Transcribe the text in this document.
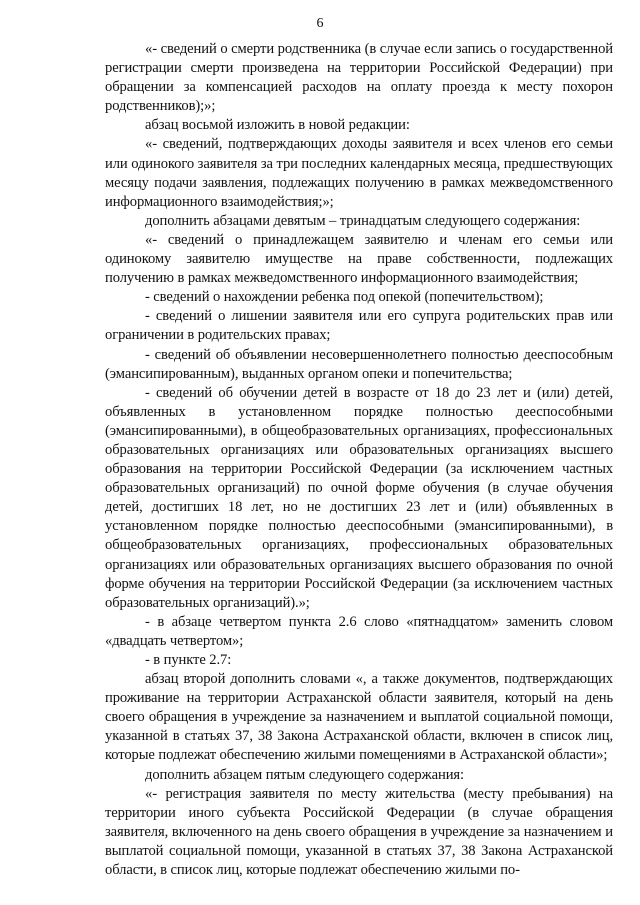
6

«- сведений о смерти родственника (в случае если запись о государственной регистрации смерти произведена на территории Российской Федерации) при обращении за компенсацией расходов на оплату проезда к месту похорон родственников);»;

абзац восьмой изложить в новой редакции:

«- сведений, подтверждающих доходы заявителя и всех членов его семьи или одинокого заявителя за три последних календарных месяца, предшествующих месяцу подачи заявления, подлежащих получению в рамках межведомственного информационного взаимодействия;»;

дополнить абзацами девятым – тринадцатым следующего содержания:

«- сведений о принадлежащем заявителю и членам его семьи или одинокому заявителю имуществе на праве собственности, подлежащих получению в рамках межведомственного информационного взаимодействия;

- сведений о нахождении ребенка под опекой (попечительством);

- сведений о лишении заявителя или его супруга родительских прав или ограничении в родительских правах;

- сведений об объявлении несовершеннолетнего полностью дееспособным (эмансипированным), выданных органом опеки и попечительства;

- сведений об обучении детей в возрасте от 18 до 23 лет и (или) детей, объявленных в установленном порядке полностью дееспособными (эмансипированными), в общеобразовательных организациях, профессиональных образовательных организациях или образовательных организациях высшего образования на территории Российской Федерации (за исключением частных образовательных организаций) по очной форме обучения (в случае обучения детей, достигших 18 лет, но не достигших 23 лет и (или) объявленных в установленном порядке полностью дееспособными (эмансипированными), в общеобразовательных организациях, профессиональных образовательных организациях или образовательных организациях высшего образования по очной форме обучения на территории Российской Федерации (за исключением частных образовательных организаций).»;

- в абзаце четвертом пункта 2.6 слово «пятнадцатом» заменить словом «двадцать четвертом»;

- в пункте 2.7:

абзац второй дополнить словами «, а также документов, подтверждающих проживание на территории Астраханской области заявителя, который на день своего обращения в учреждение за назначением и выплатой социальной помощи, указанной в статьях 37, 38 Закона Астраханской области, включен в список лиц, которые подлежат обеспечению жилыми помещениями в Астраханской области»;

дополнить абзацем пятым следующего содержания:

«- регистрация заявителя по месту жительства (месту пребывания) на территории иного субъекта Российской Федерации (в случае обращения заявителя, включенного на день своего обращения в учреждение за назначением и выплатой социальной помощи, указанной в статьях 37, 38 Закона Астраханской области, в список лиц, которые подлежат обеспечению жилыми по-
